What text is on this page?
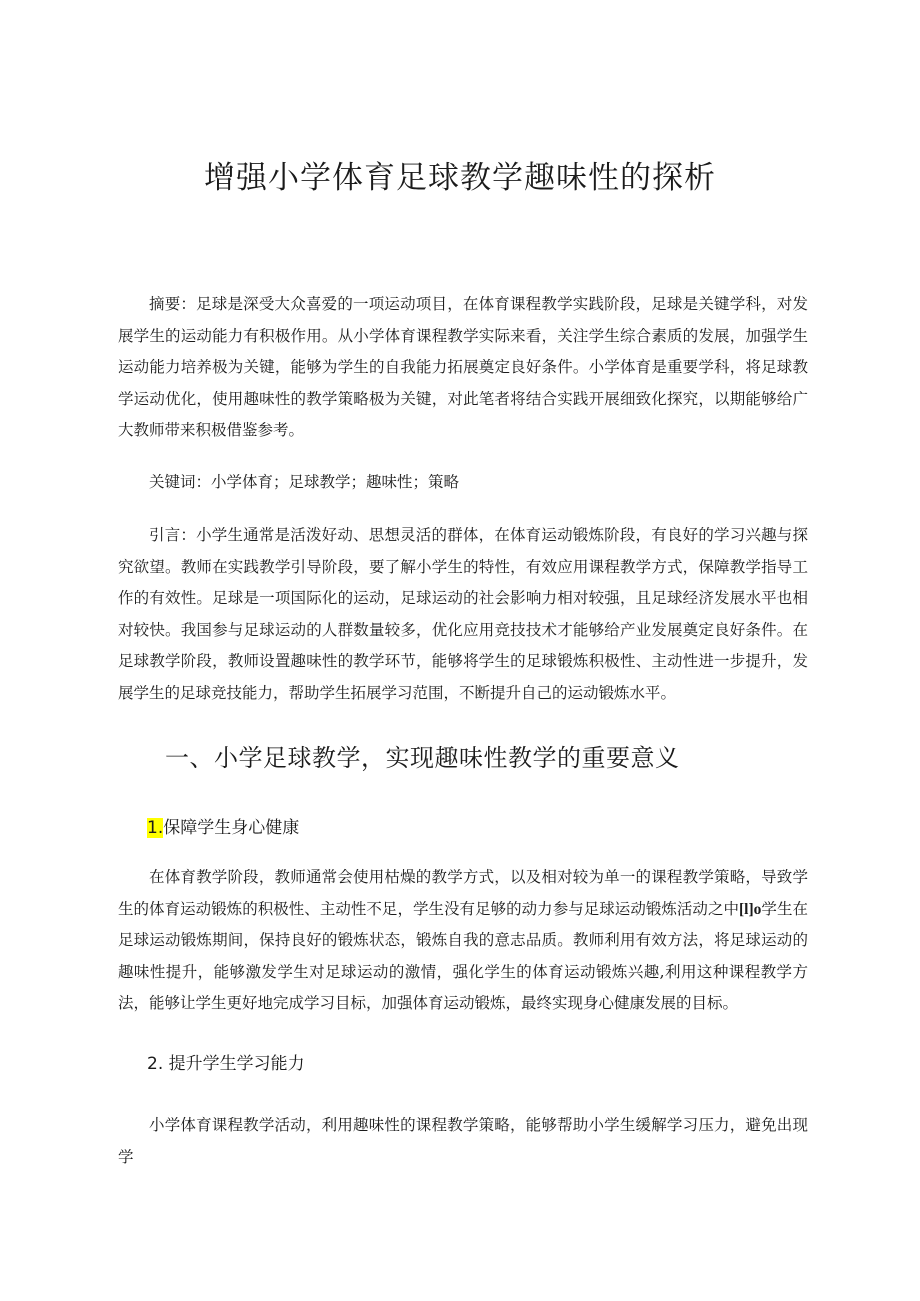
增强小学体育足球教学趣味性的探析

摘要：足球是深受大众喜爱的一项运动项目，在体育课程教学实践阶段，足球是关键学科，对发展学生的运动能力有积极作用。从小学体育课程教学实际来看，关注学生综合素质的发展，加强学生运动能力培养极为关键，能够为学生的自我能力拓展奠定良好条件。小学体育是重要学科，将足球教学运动优化，使用趣味性的教学策略极为关键，对此笔者将结合实践开展细致化探究，以期能够给广大教师带来积极借鉴参考。

关键词：小学体育；足球教学；趣味性；策略

引言：小学生通常是活泼好动、思想灵活的群体，在体育运动锻炼阶段，有良好的学习兴趣与探究欲望。教师在实践教学引导阶段，要了解小学生的特性，有效应用课程教学方式，保障教学指导工作的有效性。足球是一项国际化的运动，足球运动的社会影响力相对较强，且足球经济发展水平也相对较快。我国参与足球运动的人群数量较多，优化应用竞技技术才能够给产业发展奠定良好条件。在足球教学阶段，教师设置趣味性的教学环节，能够将学生的足球锻炼积极性、主动性进一步提升，发展学生的足球竞技能力，帮助学生拓展学习范围，不断提升自己的运动锻炼水平。

一、小学足球教学，实现趣味性教学的重要意义
1.保障学生身心健康

在体育教学阶段，教师通常会使用枯燥的教学方式，以及相对较为单一的课程教学策略，导致学生的体育运动锻炼的积极性、主动性不足，学生没有足够的动力参与足球运动锻炼活动之中[l]o学生在足球运动锻炼期间，保持良好的锻炼状态，锻炼自我的意志品质。教师利用有效方法，将足球运动的趣味性提升，能够激发学生对足球运动的激情，强化学生的体育运动锻炼兴趣,利用这种课程教学方法，能够让学生更好地完成学习目标，加强体育运动锻炼，最终实现身心健康发展的目标。

2. 提升学生学习能力

小学体育课程教学活动，利用趣味性的课程教学策略，能够帮助小学生缓解学习压力，避免出现学
